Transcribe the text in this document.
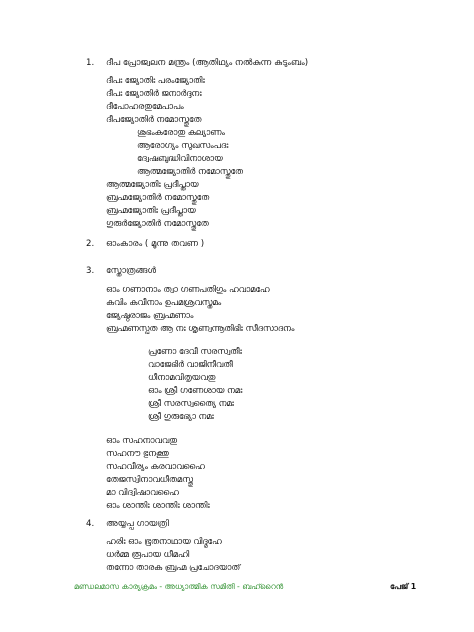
1. ദീപ പ്രോജ്വലന മന്ത്രം (ആതിഥ്യം നൽകുന്ന കുടുംബം)
ദീപഃ ജ്യോതിഃ പരംജ്യോതിഃ
ദീപഃ ജ്യോതിർ ജനാർദ്ദനഃ
ദീപോഹരതുമേപാപം
ദീപജ്യോതിർ നമോസ്തുതേ
ശുഭംകരോതു കല്യാണം
ആരോഗ്യം സുഖസംപദഃ
ദ്വേഷബുദ്ധിവിനാശായ
ആത്മജ്യോതിർ നമോസ്തുതേ
ആത്മജ്യോതിഃ പ്രദീപ്തായ
ബ്രഹ്മജ്യോതിർ നമോസ്തുതേ
ബ്രഹ്മജ്യോതിഃ പ്രദീപ്തായ
ഗുരുർജ്യോതിർ നമോസ്തുതേ
2. ഓംകാരം ( മൂന്നു തവണ )
3. സ്തോത്രങ്ങൾ
ഓം ഗണാനാം ത്വാ ഗണപതിഗും ഹവാമഹേ
കവിം കവീനാം ഉപമശ്രവസ്തമം
ജ്യേഷ്ഠരാജം ബ്രഹ്മണാം
ബ്രഹ്മണസ്പത ആ നഃ ശൃണ്വന്നൂതിഭിഃ സീദസാദനം
പ്രണോ ദേവീ സരസ്വതീഃ
വാജേഭിർ വാജിനീവതീ
ധീനാമവിതൃയവതു
ഓം ശ്രീ ഗണേശായ നമഃ
ശ്രീ സരസ്വത്യൈ നമഃ
ശ്രീ ഗുരുഭ്യോ നമഃ
ഓം സഹനാവവതു
സഹനൗ ഭുനക്തു
സഹവീര്യം കരവാവഹൈ
തേജസ്വിനാവധീതമസ്തു
മാ വിദ്വിഷാവഹൈ
ഓം ശാന്തിഃ ശാന്തിഃ ശാന്തിഃ
4. അയ്യപ്പ ഗായത്രി
ഹരിഃ ഓം ഭൂതനാഥായ വിദ്മഹേ
ധർമ്മ രൂപായ ധീമഹി
തന്നോ താരക ബ്രഹ്മ പ്രചോദയാത്
മണ്ഡലമാസ കാര്യക്രമം - അധ്യാത്മിക സമിതി - ബഹ്റൈൻ	പേജ് 1
